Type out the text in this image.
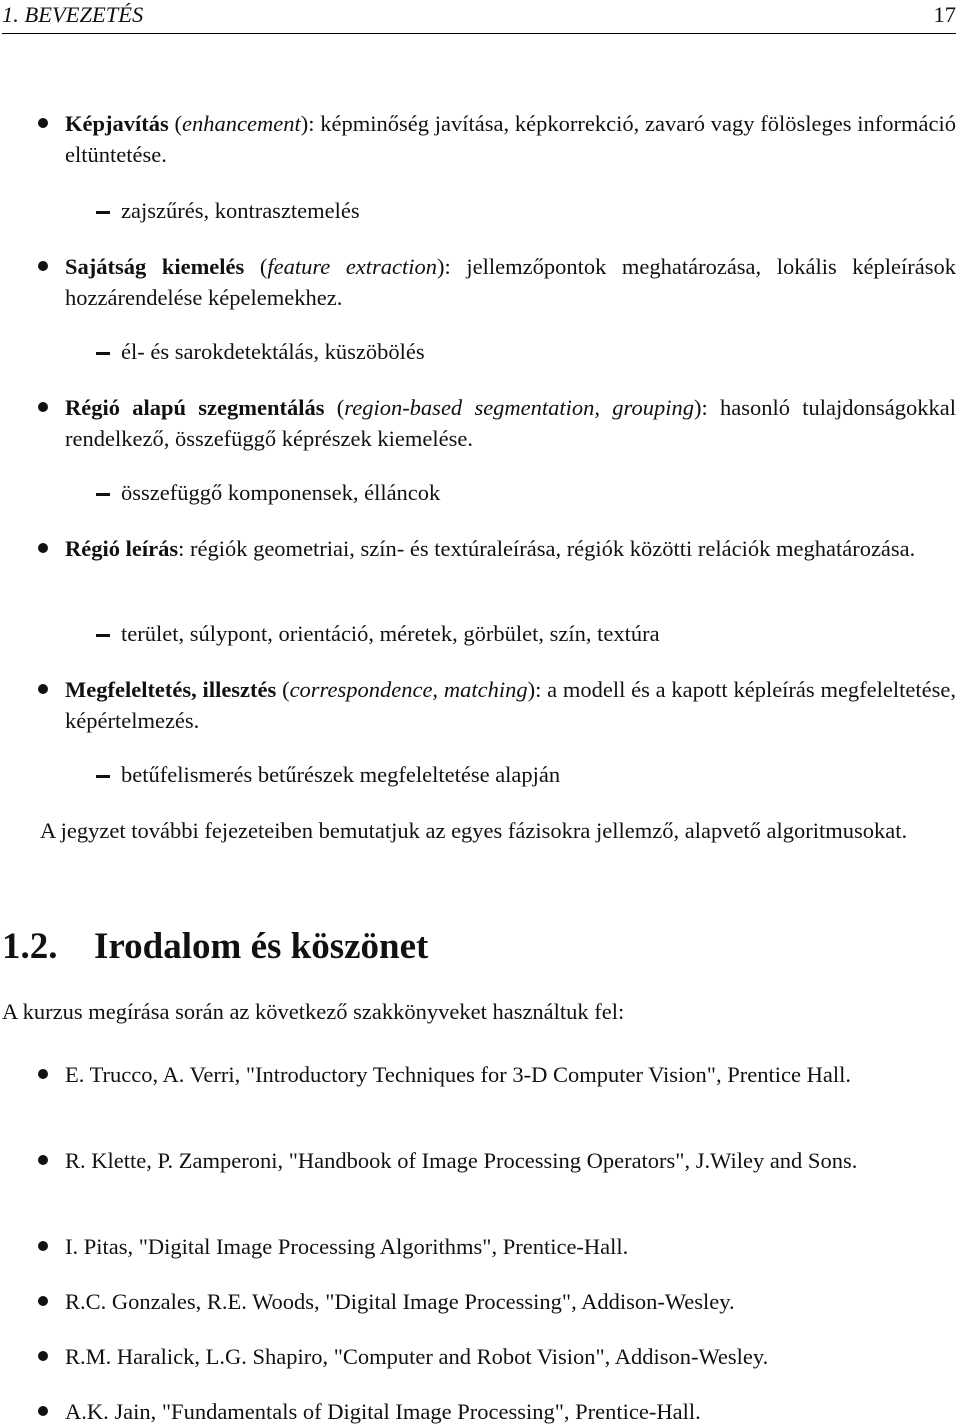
1. BEVEZETÉS	17
Képjavítás (enhancement): képminőség javítása, képkorrekció, zavaró vagy fölösleges információ eltüntetése.
zajszűrés, kontrasztemelés
Sajátság kiemelés (feature extraction): jellemzőpontok meghatározása, lokális képleírások hozzárendelése képelemekhez.
él- és sarokdetektálás, küszöbölés
Régió alapú szegmentálás (region-based segmentation, grouping): hasonló tulajdonságokkal rendelkező, összefüggő képrészek kiemelése.
összefüggő komponensek, élláncok
Régió leírás: régiók geometriai, szín- és textúraleírása, régiók közötti relációk meghatározása.
terület, súlypont, orientáció, méretek, görbület, szín, textúra
Megfeleltetés, illesztés (correspondence, matching): a modell és a kapott képleírás megfeleltetése, képértelmezés.
betűfelismerés betűrészek megfeleltetése alapján
A jegyzet további fejezeteiben bemutatjuk az egyes fázisokra jellemző, alapvető algoritmusokat.
1.2. Irodalom és köszönet
A kurzus megírása során az következő szakkönyveket használtuk fel:
E. Trucco, A. Verri, "Introductory Techniques for 3-D Computer Vision", Prentice Hall.
R. Klette, P. Zamperoni, "Handbook of Image Processing Operators", J.Wiley and Sons.
I. Pitas, "Digital Image Processing Algorithms", Prentice-Hall.
R.C. Gonzales, R.E. Woods, "Digital Image Processing", Addison-Wesley.
R.M. Haralick, L.G. Shapiro, "Computer and Robot Vision", Addison-Wesley.
A.K. Jain, "Fundamentals of Digital Image Processing", Prentice-Hall.
